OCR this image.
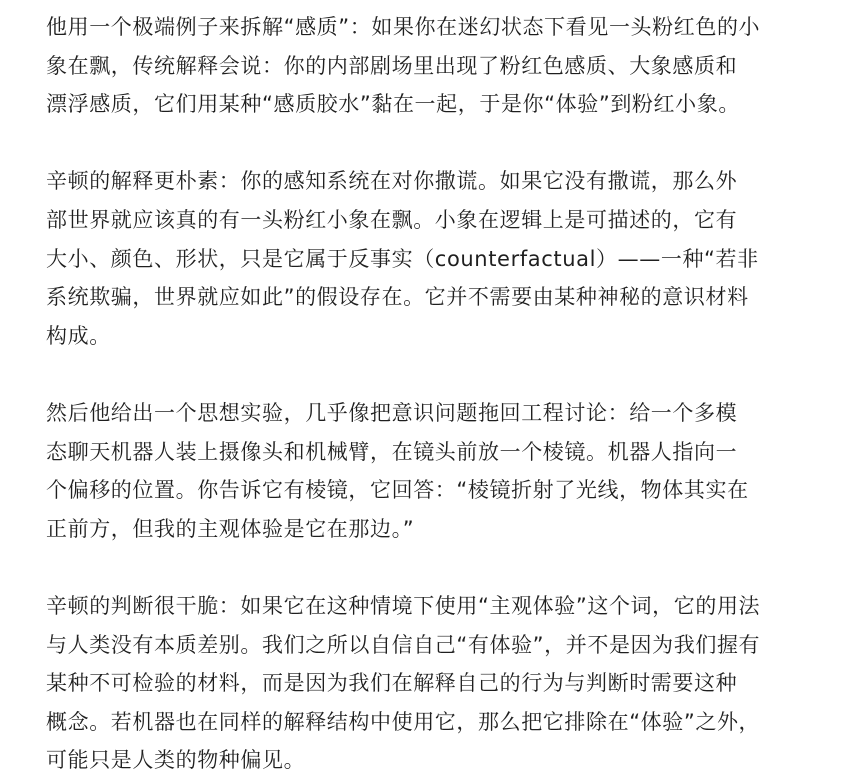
他用一个极端例子来拆解“感质”：如果你在迷幻状态下看见一头粉红色的小
象在飘，传统解释会说：你的内部剧场里出现了粉红色感质、大象感质和
漂浮感质，它们用某种“感质胶水”黏在一起，于是你“体验”到粉红小象。

辛顿的解释更朴素：你的感知系统在对你撒谎。如果它没有撒谎，那么外
部世界就应该真的有一头粉红小象在飘。小象在逻辑上是可描述的，它有
大小、颜色、形状，只是它属于反事实（counterfactual）——一种“若非
系统欺骗，世界就应如此”的假设存在。它并不需要由某种神秘的意识材料
构成。

然后他给出一个思想实验，几乎像把意识问题拖回工程讨论：给一个多模
态聊天机器人装上摄像头和机械臂，在镜头前放一个棱镜。机器人指向一
个偏移的位置。你告诉它有棱镜，它回答：“棱镜折射了光线，物体其实在
正前方，但我的主观体验是它在那边。”

辛顿的判断很干脆：如果它在这种情境下使用“主观体验”这个词，它的用法
与人类没有本质差别。我们之所以自信自己“有体验”，并不是因为我们握有
某种不可检验的材料，而是因为我们在解释自己的行为与判断时需要这种
概念。若机器也在同样的解释结构中使用它，那么把它排除在“体验”之外，
可能只是人类的物种偏见。
